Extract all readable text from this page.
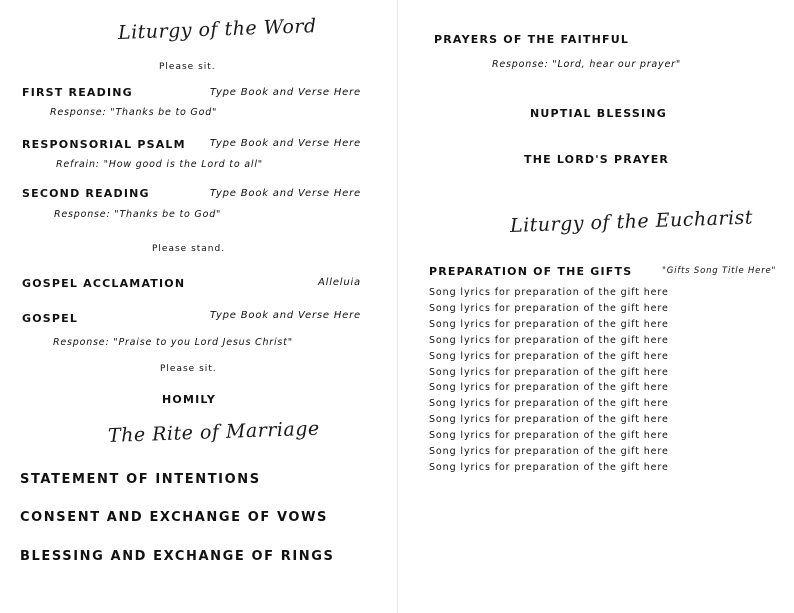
Liturgy of the Word
Please sit.
FIRST READING	Type Book and Verse Here
Response: "Thanks be to God"
RESPONSORIAL PSALM Type Book and Verse Here
Refrain: "How good is the Lord to all"
SECOND READING	Type Book and Verse Here
Response: "Thanks be to God"
Please stand.
GOSPEL ACCLAMATION	Alleluia
GOSPEL	Type Book and Verse Here
Response: "Praise to you Lord Jesus Christ"
Please sit.
HOMILY
The Rite of Marriage
STATEMENT OF INTENTIONS
CONSENT AND EXCHANGE OF VOWS
BLESSING AND EXCHANGE OF RINGS
PRAYERS OF THE FAITHFUL
Response: "Lord, hear our prayer"
NUPTIAL BLESSING
THE LORD'S PRAYER
Liturgy of the Eucharist
PREPARATION OF THE GIFTS	"Gifts Song Title Here"
Song lyrics for preparation of the gift here
Song lyrics for preparation of the gift here
Song lyrics for preparation of the gift here
Song lyrics for preparation of the gift here
Song lyrics for preparation of the gift here
Song lyrics for preparation of the gift here
Song lyrics for preparation of the gift here
Song lyrics for preparation of the gift here
Song lyrics for preparation of the gift here
Song lyrics for preparation of the gift here
Song lyrics for preparation of the gift here
Song lyrics for preparation of the gift here
